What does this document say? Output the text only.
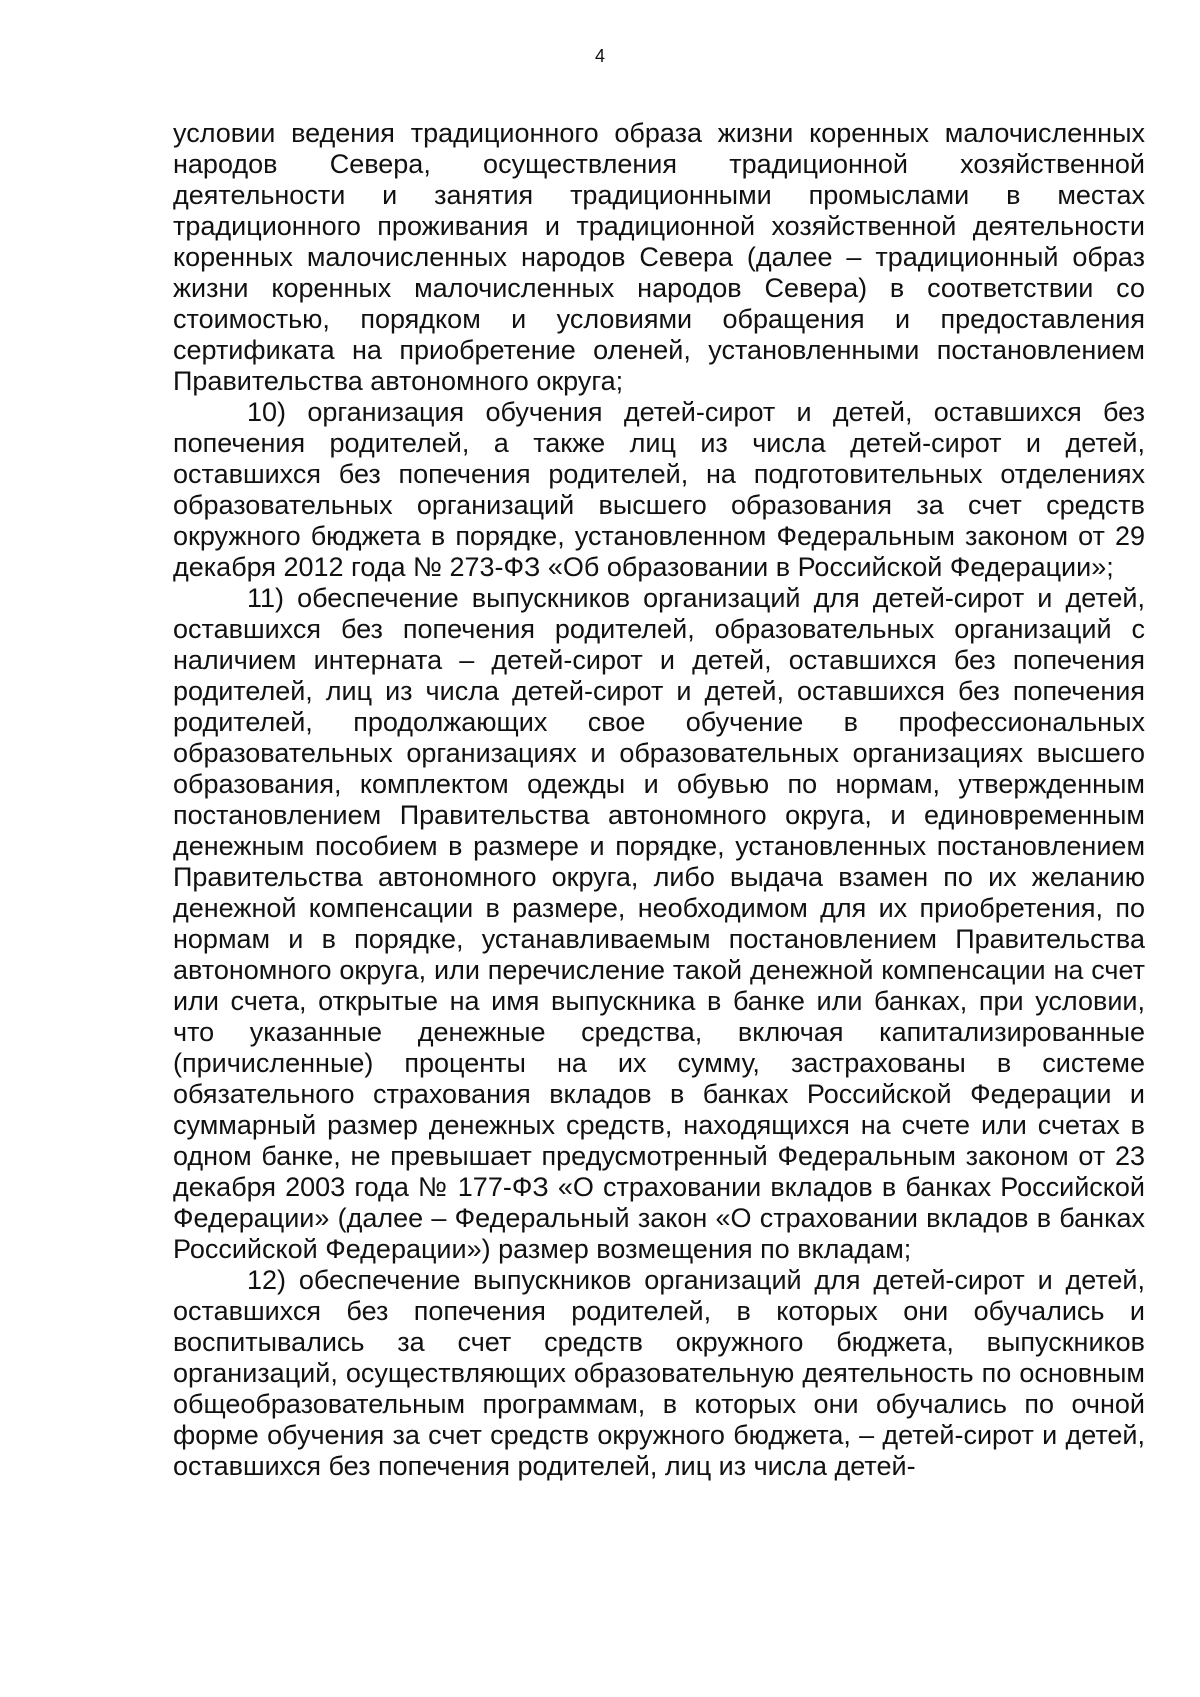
4

условии ведения традиционного образа жизни коренных малочисленных народов Севера, осуществления традиционной хозяйственной деятельности и занятия традиционными промыслами в местах традиционного проживания и традиционной хозяйственной деятельности коренных малочисленных народов Севера (далее – традиционный образ жизни коренных малочисленных народов Севера) в соответствии со стоимостью, порядком и условиями обращения и предоставления сертификата на приобретение оленей, установленными постановлением Правительства автономного округа;

10) организация обучения детей-сирот и детей, оставшихся без попечения родителей, а также лиц из числа детей-сирот и детей, оставшихся без попечения родителей, на подготовительных отделениях образовательных организаций высшего образования за счет средств окружного бюджета в порядке, установленном Федеральным законом от 29 декабря 2012 года № 273-ФЗ «Об образовании в Российской Федерации»;

11) обеспечение выпускников организаций для детей-сирот и детей, оставшихся без попечения родителей, образовательных организаций с наличием интерната – детей-сирот и детей, оставшихся без попечения родителей, лиц из числа детей-сирот и детей, оставшихся без попечения родителей, продолжающих свое обучение в профессиональных образовательных организациях и образовательных организациях высшего образования, комплектом одежды и обувью по нормам, утвержденным постановлением Правительства автономного округа, и единовременным денежным пособием в размере и порядке, установленных постановлением Правительства автономного округа, либо выдача взамен по их желанию денежной компенсации в размере, необходимом для их приобретения, по нормам и в порядке, устанавливаемым постановлением Правительства автономного округа, или перечисление такой денежной компенсации на счет или счета, открытые на имя выпускника в банке или банках, при условии, что указанные денежные средства, включая капитализированные (причисленные) проценты на их сумму, застрахованы в системе обязательного страхования вкладов в банках Российской Федерации и суммарный размер денежных средств, находящихся на счете или счетах в одном банке, не превышает предусмотренный Федеральным законом от 23 декабря 2003 года № 177-ФЗ «О страховании вкладов в банках Российской Федерации» (далее – Федеральный закон «О страховании вкладов в банках Российской Федерации») размер возмещения по вкладам;

12) обеспечение выпускников организаций для детей-сирот и детей, оставшихся без попечения родителей, в которых они обучались и воспитывались за счет средств окружного бюджета, выпускников организаций, осуществляющих образовательную деятельность по основным общеобразовательным программам, в которых они обучались по очной форме обучения за счет средств окружного бюджета, – детей-сирот и детей, оставшихся без попечения родителей, лиц из числа детей-
